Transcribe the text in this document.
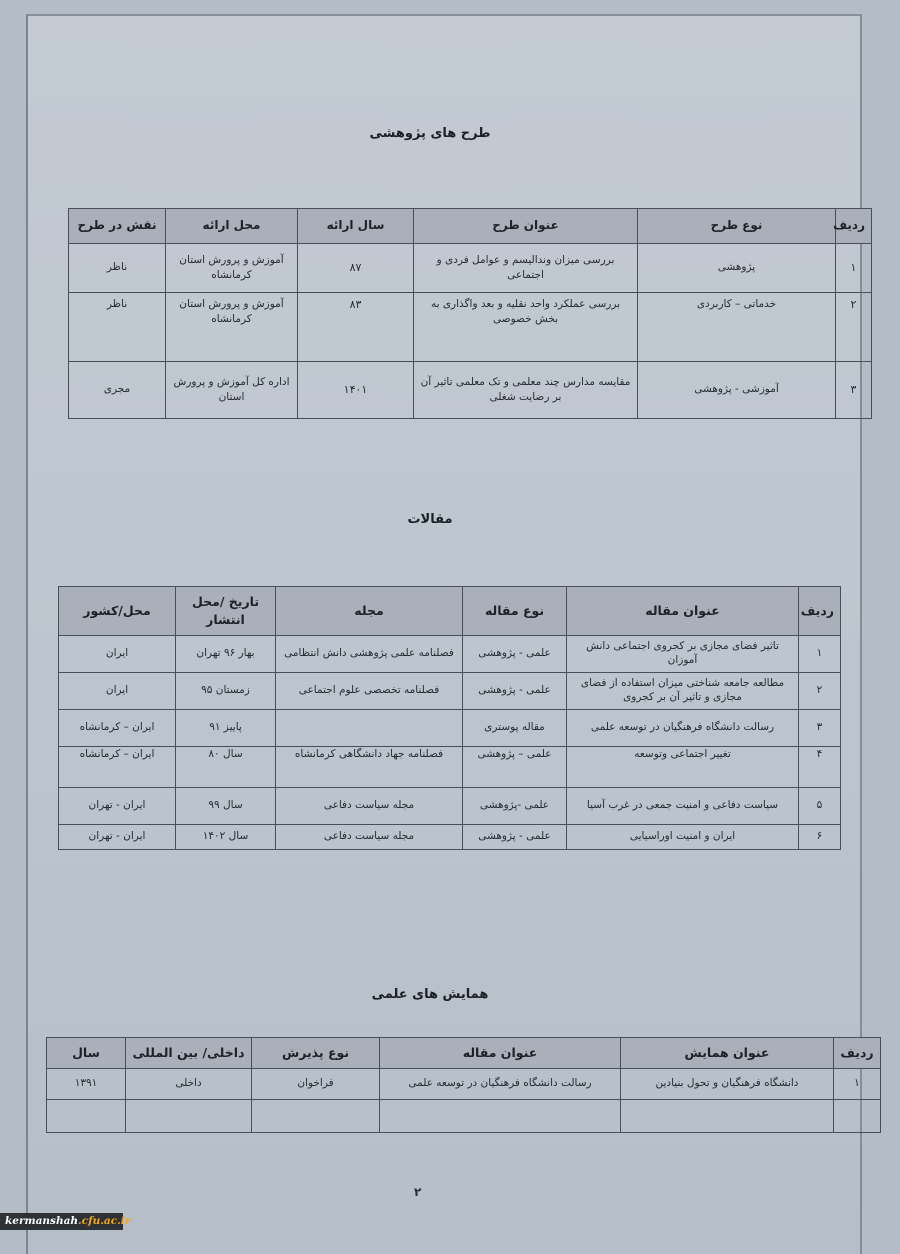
طرح های پژوهشی
ردیف	نوع طرح	عنوان طرح	سال ارائه	محل ارائه	نقش در طرح
۱	پژوهشی	بررسی میزان وندالیسم و عوامل فردی و اجتماعی	۸۷	آموزش و پرورش استان کرمانشاه	ناظر
۲	خدماتی – کاربردی	بررسی عملکرد واحد نقلیه و بعد واگذاری به بخش خصوصی	۸۳	آموزش و پرورش استان کرمانشاه	ناظر
۳	آموزشی - پژوهشی	مقایسه مدارس چند معلمی و تک معلمی تاثیر آن بر رضایت شغلی	۱۴۰۱	اداره کل آموزش و پرورش استان	مجری
مقالات
ردیف	عنوان مقاله	نوع مقاله	مجله	تاریخ /محل انتشار	محل/کشور
۱	تاثیر فضای مجازی بر کجروی اجتماعی دانش آموزان	علمی - پژوهشی	فصلنامه علمی پژوهشی دانش انتظامی	بهار ۹۶ تهران	ایران
۲	مطالعه جامعه شناختی میزان استفاده از فضای مجازی و تاثیر آن بر کجروی	علمی - پژوهشی	فصلنامه تخصصی علوم اجتماعی	زمستان ۹۵	ایران
۳	رسالت دانشگاه فرهنگیان در توسعه علمی	مقاله پوستری		پاییز ۹۱	ایران – کرمانشاه
۴	تغییر اجتماعی وتوسعه	علمی – پژوهشی	فصلنامه جهاد دانشگاهی کرمانشاه	سال ۸۰	ایران – کرمانشاه
۵	سیاست دفاعی و امنیت جمعی در غرب آسیا	علمی -پژوهشی	مجله سیاست دفاعی	سال ۹۹	ایران - تهران
۶	ایران و امنیت اوراسیایی	علمی - پژوهشی	مجله سیاست دفاعی	سال ۱۴۰۲	ایران - تهران
همایش های علمی
ردیف	عنوان همایش	عنوان مقاله	نوع پذیرش	داخلی/ بین المللی	سال
۱	دانشگاه فرهنگیان و تحول بنیادین	رسالت دانشگاه فرهنگیان در توسعه علمی	فراخوان	داخلی	۱۳۹۱

۲
kermanshah.cfu.ac.ir
